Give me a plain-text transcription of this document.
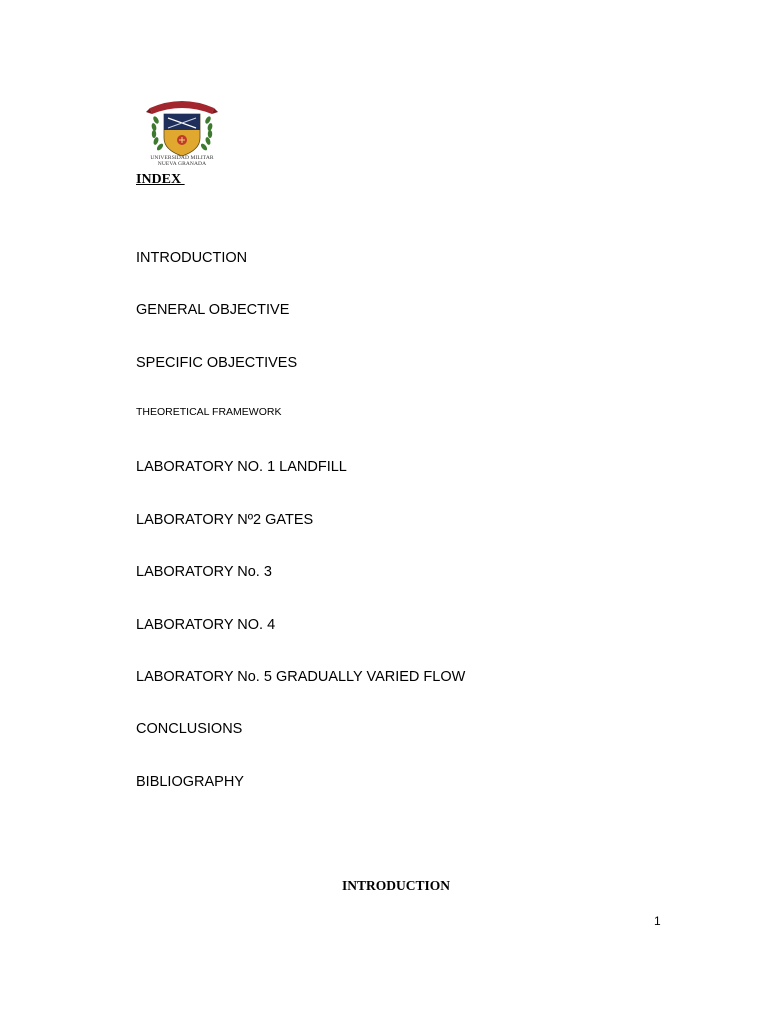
UNIVERSIDAD MILITAR
NUEVA GRANADA
INDEX
INTRODUCTION
GENERAL OBJECTIVE
SPECIFIC OBJECTIVES
THEORETICAL FRAMEWORK
LABORATORY NO. 1 LANDFILL
LABORATORY Nº2 GATES
LABORATORY No. 3
LABORATORY NO. 4
LABORATORY No. 5 GRADUALLY VARIED FLOW
CONCLUSIONS
BIBLIOGRAPHY
INTRODUCTION
1
